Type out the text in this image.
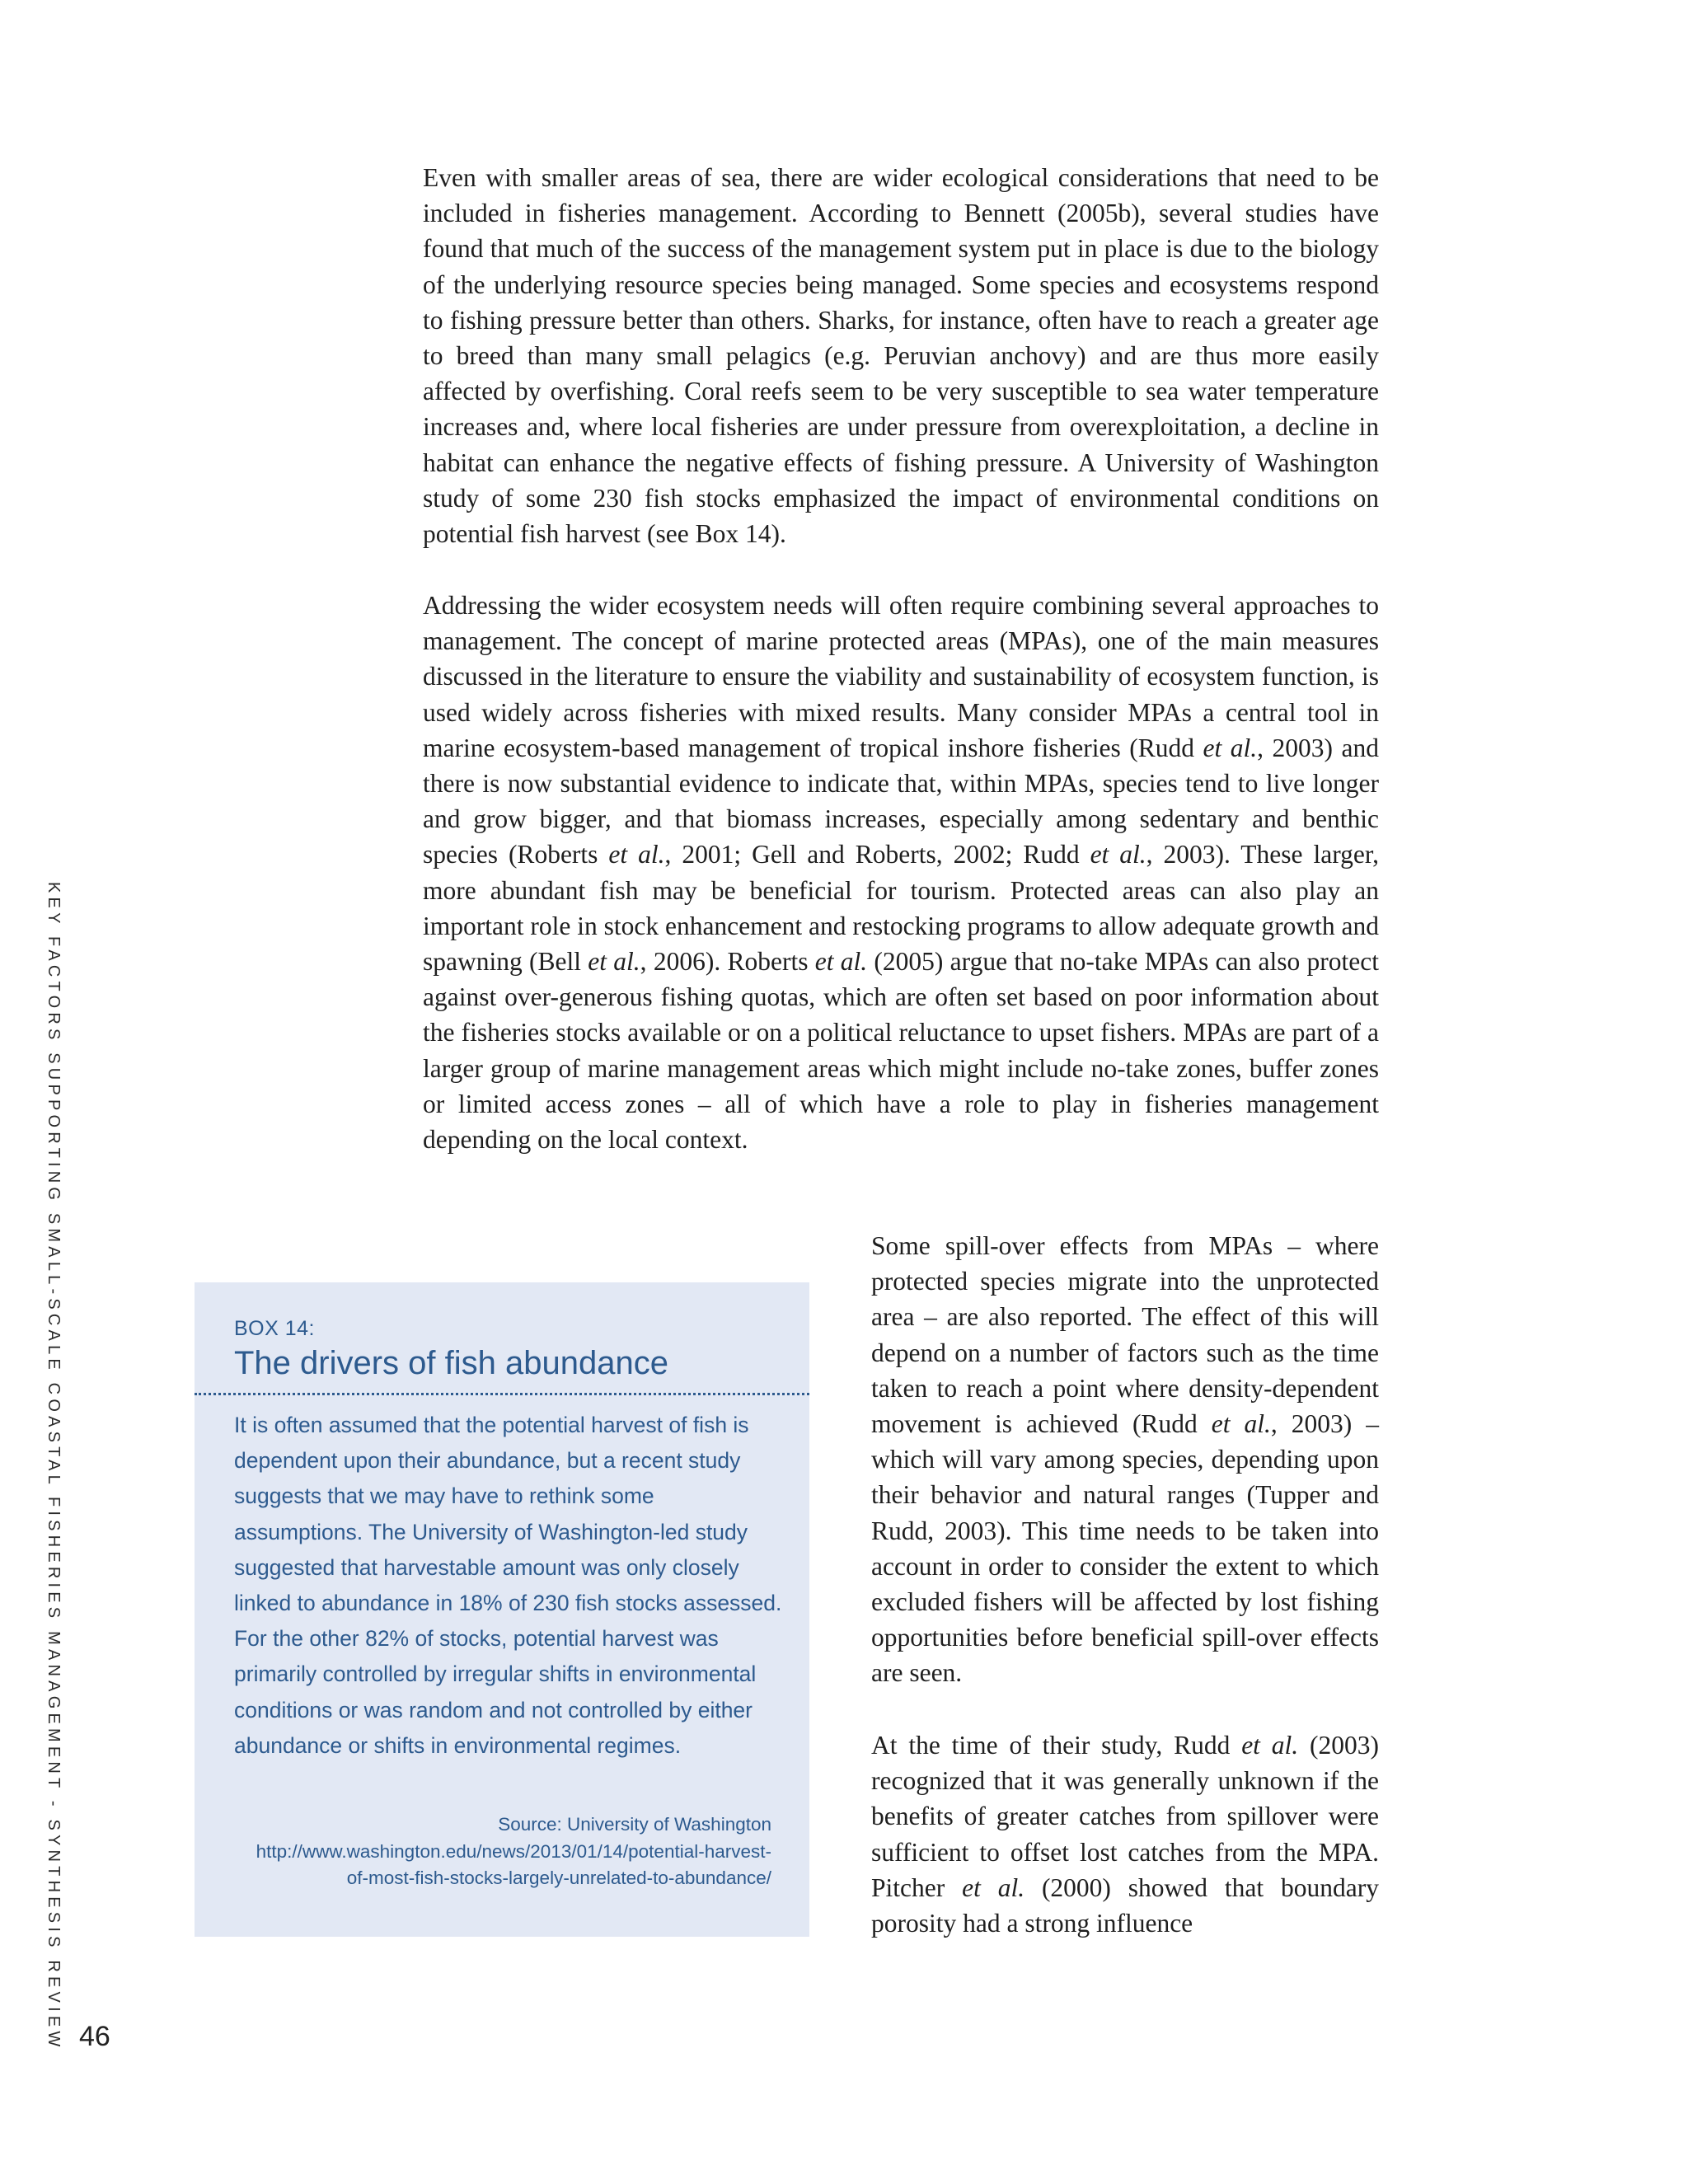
KEY FACTORS SUPPORTING SMALL-SCALE COASTAL FISHERIES MANAGEMENT - SYNTHESIS REVIEW

Even with smaller areas of sea, there are wider ecological considerations that need to be included in fisheries management. According to Bennett (2005b), several studies have found that much of the success of the management system put in place is due to the biology of the underlying resource species being managed. Some species and ecosystems respond to fishing pressure better than others. Sharks, for instance, often have to reach a greater age to breed than many small pelagics (e.g. Peruvian anchovy) and are thus more easily affected by overfishing. Coral reefs seem to be very susceptible to sea water temperature increases and, where local fisheries are under pressure from overexploitation, a decline in habitat can enhance the negative effects of fishing pressure. A University of Washington study of some 230 fish stocks emphasized the impact of environmental conditions on potential fish harvest (see Box 14).

Addressing the wider ecosystem needs will often require combining several approaches to management. The concept of marine protected areas (MPAs), one of the main measures discussed in the literature to ensure the viability and sustainability of ecosystem function, is used widely across fisheries with mixed results. Many consider MPAs a central tool in marine ecosystem-based management of tropical inshore fisheries (Rudd et al., 2003) and there is now substantial evidence to indicate that, within MPAs, species tend to live longer and grow bigger, and that biomass increases, especially among sedentary and benthic species (Roberts et al., 2001; Gell and Roberts, 2002; Rudd et al., 2003). These larger, more abundant fish may be beneficial for tourism. Protected areas can also play an important role in stock enhancement and restocking programs to allow adequate growth and spawning (Bell et al., 2006). Roberts et al. (2005) argue that no-take MPAs can also protect against over-generous fishing quotas, which are often set based on poor information about the fisheries stocks available or on a political reluctance to upset fishers. MPAs are part of a larger group of marine management areas which might include no-take zones, buffer zones or limited access zones – all of which have a role to play in fisheries management depending on the local context.

BOX 14:
The drivers of fish abundance

It is often assumed that the potential harvest of fish is dependent upon their abundance, but a recent study suggests that we may have to rethink some assumptions. The University of Washington-led study suggested that harvestable amount was only closely linked to abundance in 18% of 230 fish stocks assessed. For the other 82% of stocks, potential harvest was primarily controlled by irregular shifts in environmental conditions or was random and not controlled by either abundance or shifts in environmental regimes.

Source: University of Washington http://www.washington.edu/news/2013/01/14/potential-harvest-of-most-fish-stocks-largely-unrelated-to-abundance/

Some spill-over effects from MPAs – where protected species migrate into the unprotected area – are also reported. The effect of this will depend on a number of factors such as the time taken to reach a point where density-dependent movement is achieved (Rudd et al., 2003) – which will vary among species, depending upon their behavior and natural ranges (Tupper and Rudd, 2003). This time needs to be taken into account in order to consider the extent to which excluded fishers will be affected by lost fishing opportunities before beneficial spill-over effects are seen.

At the time of their study, Rudd et al. (2003) recognized that it was generally unknown if the benefits of greater catches from spillover were sufficient to offset lost catches from the MPA. Pitcher et al. (2000) showed that boundary porosity had a strong influence

46
